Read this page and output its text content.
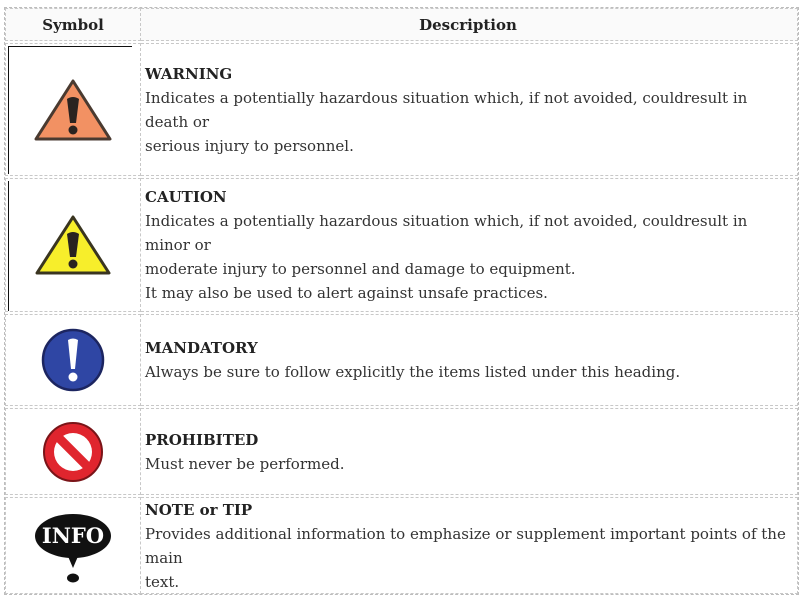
Symbol	Description
WARNING
Indicates a potentially hazardous situation which, if not avoided, couldresult in death or
serious injury to personnel.
CAUTION
Indicates a potentially hazardous situation which, if not avoided, couldresult in minor or
moderate injury to personnel and damage to equipment.
It may also be used to alert against unsafe practices.
MANDATORY
Always be sure to follow explicitly the items listed under this heading.
PROHIBITED
Must never be performed.
INFO
NOTE or TIP
Provides additional information to emphasize or supplement important points of the main
text.
